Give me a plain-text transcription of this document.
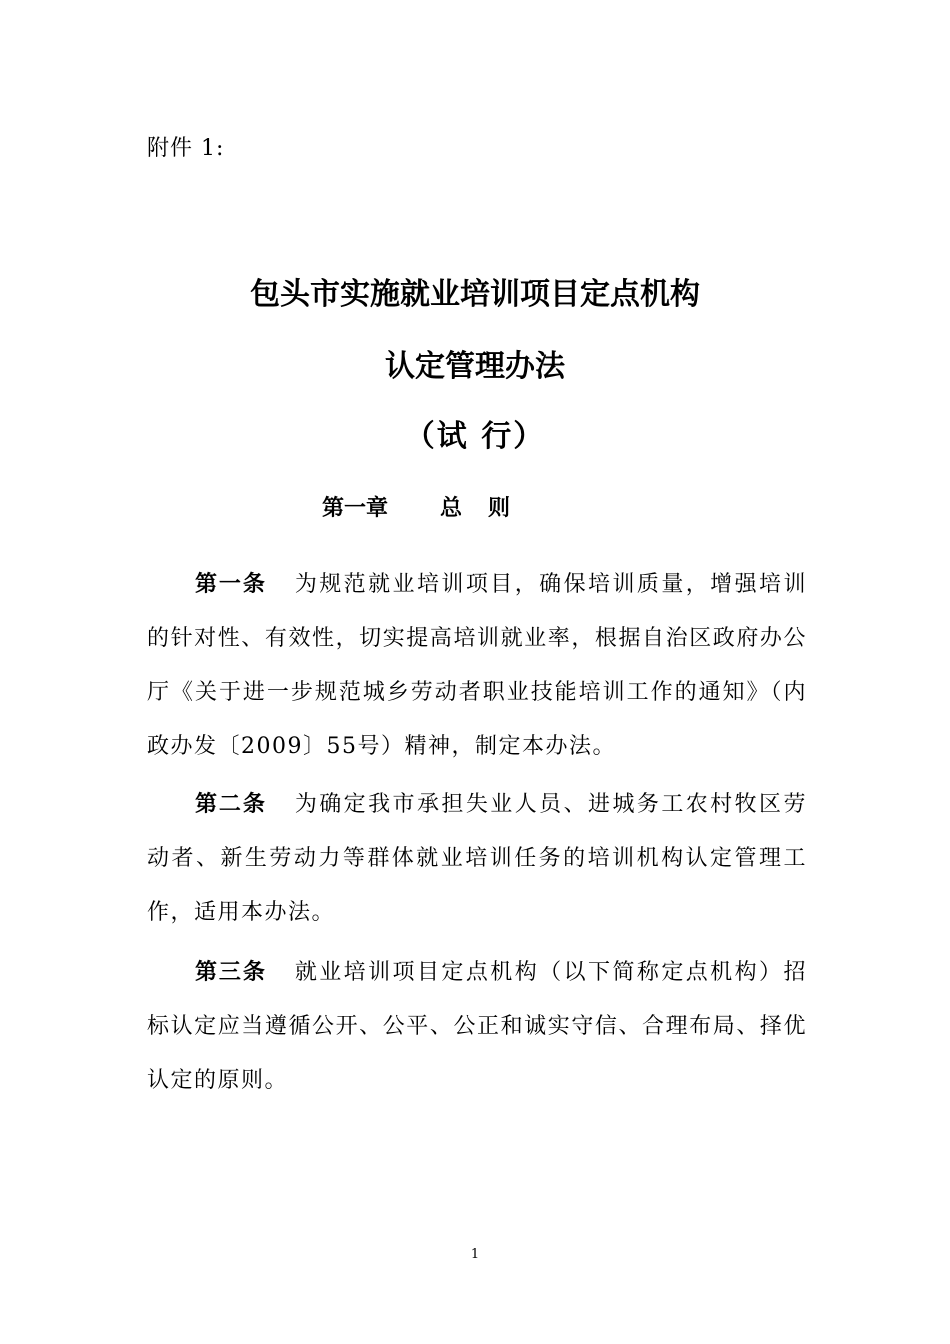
附件 1:
包头市实施就业培训项目定点机构
认定管理办法
（试 行）
第一章 总 则
第一条 为规范就业培训项目，确保培训质量，增强培训的针对性、有效性，切实提高培训就业率，根据自治区政府办公厅《关于进一步规范城乡劳动者职业技能培训工作的通知》（内政办发〔2009〕55号）精神，制定本办法。
第二条 为确定我市承担失业人员、进城务工农村牧区劳动者、新生劳动力等群体就业培训任务的培训机构认定管理工作，适用本办法。
第三条 就业培训项目定点机构（以下简称定点机构）招标认定应当遵循公开、公平、公正和诚实守信、合理布局、择优认定的原则。
1
